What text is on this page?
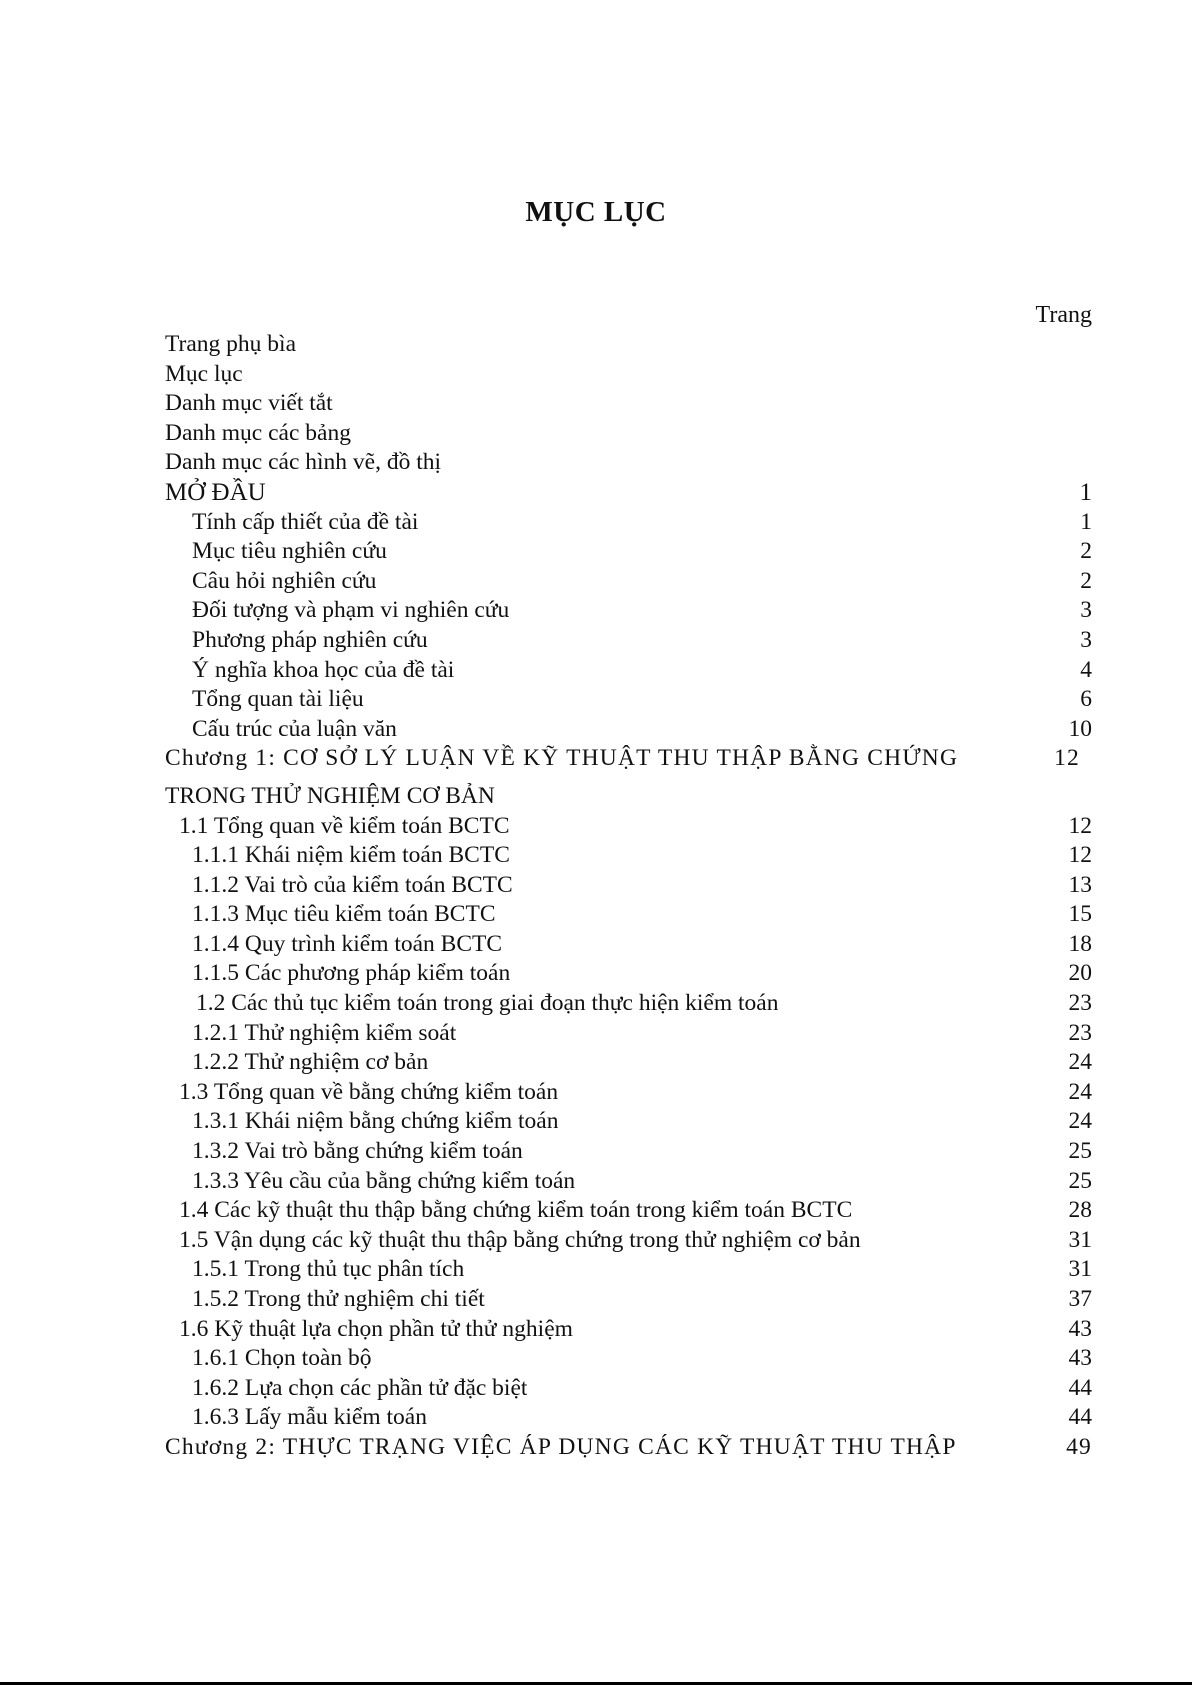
MỤC LỤC
Trang
Trang phụ bìa
Mục lục
Danh mục viết tắt
Danh mục các bảng
Danh mục các hình vẽ, đồ thị
MỞ ĐẦU	1
Tính cấp thiết của đề tài	1
Mục tiêu nghiên cứu	2
Câu hỏi nghiên cứu	2
Đối tượng và phạm vi nghiên cứu	3
Phương pháp nghiên cứu	3
Ý nghĩa khoa học của đề tài	4
Tổng quan tài liệu	6
Cấu trúc của luận văn	10
Chương 1: CƠ SỞ LÝ LUẬN VỀ KỸ THUẬT THU THẬP BẰNG CHỨNG	12
TRONG THỬ NGHIỆM CƠ BẢN
1.1 Tổng quan về kiểm toán BCTC	12
1.1.1 Khái niệm kiểm toán BCTC	12
1.1.2 Vai trò của kiểm toán BCTC	13
1.1.3 Mục tiêu kiểm toán BCTC	15
1.1.4 Quy trình kiểm toán BCTC	18
1.1.5 Các phương pháp kiểm toán	20
1.2 Các thủ tục kiểm toán trong giai đoạn thực hiện kiểm toán	23
1.2.1 Thử nghiệm kiểm soát	23
1.2.2 Thử nghiệm cơ bản	24
1.3 Tổng quan về bằng chứng kiểm toán	24
1.3.1 Khái niệm bằng chứng kiểm toán	24
1.3.2 Vai trò bằng chứng kiểm toán	25
1.3.3 Yêu cầu của bằng chứng kiểm toán	25
1.4 Các kỹ thuật thu thập bằng chứng kiểm toán trong kiểm toán BCTC	28
1.5 Vận dụng các kỹ thuật thu thập bằng chứng trong thử nghiệm cơ bản	31
1.5.1 Trong thủ tục phân tích	31
1.5.2 Trong thử nghiệm chi tiết	37
1.6 Kỹ thuật lựa chọn phần tử thử nghiệm	43
1.6.1 Chọn toàn bộ	43
1.6.2 Lựa chọn các phần tử đặc biệt	44
1.6.3 Lấy mẫu kiểm toán	44
Chương 2: THỰC TRẠNG VIỆC ÁP DỤNG CÁC KỸ THUẬT THU THẬP	49
